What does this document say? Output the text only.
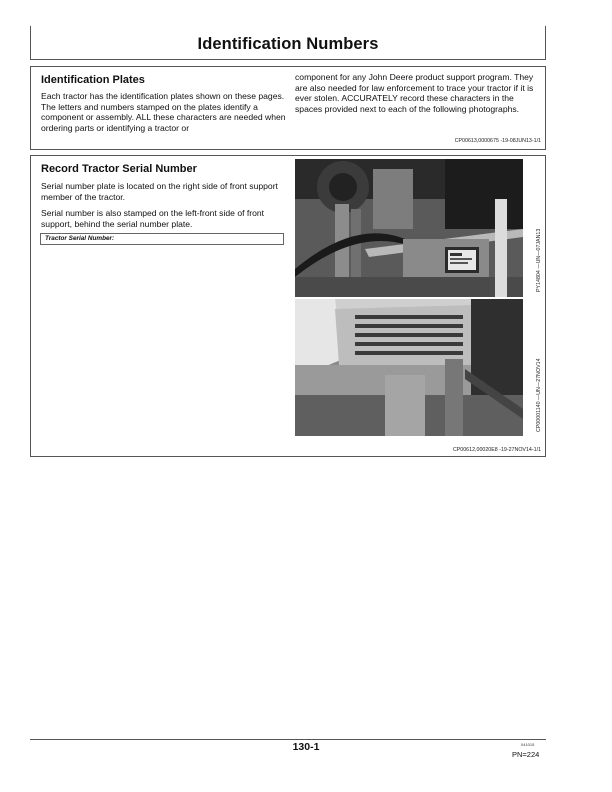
Identification Numbers
Identification Plates

Each tractor has the identification plates shown on these pages. The letters and numbers stamped on the plates identify a component or assembly. ALL these characters are needed when ordering parts or identifying a tractor or

component for any John Deere product support program. They are also needed for law enforcement to trace your tractor if it is ever stolen. ACCURATELY record these characters in the spaces provided next to each of the following photographs.

CP00613,0000675 -19-08JUN13-1/1
Record Tractor Serial Number

Serial number plate is located on the right side of front support member of the tractor.

Serial number is also stamped on the left-front side of front support, behind the serial number plate.

Tractor Serial Number:	PY14804 —UN—07JAN13
CP00001140 —UN—27NOV14
CP00612,00020E8 -19-27NOV14-1/1
130-1	041015
PN=224
